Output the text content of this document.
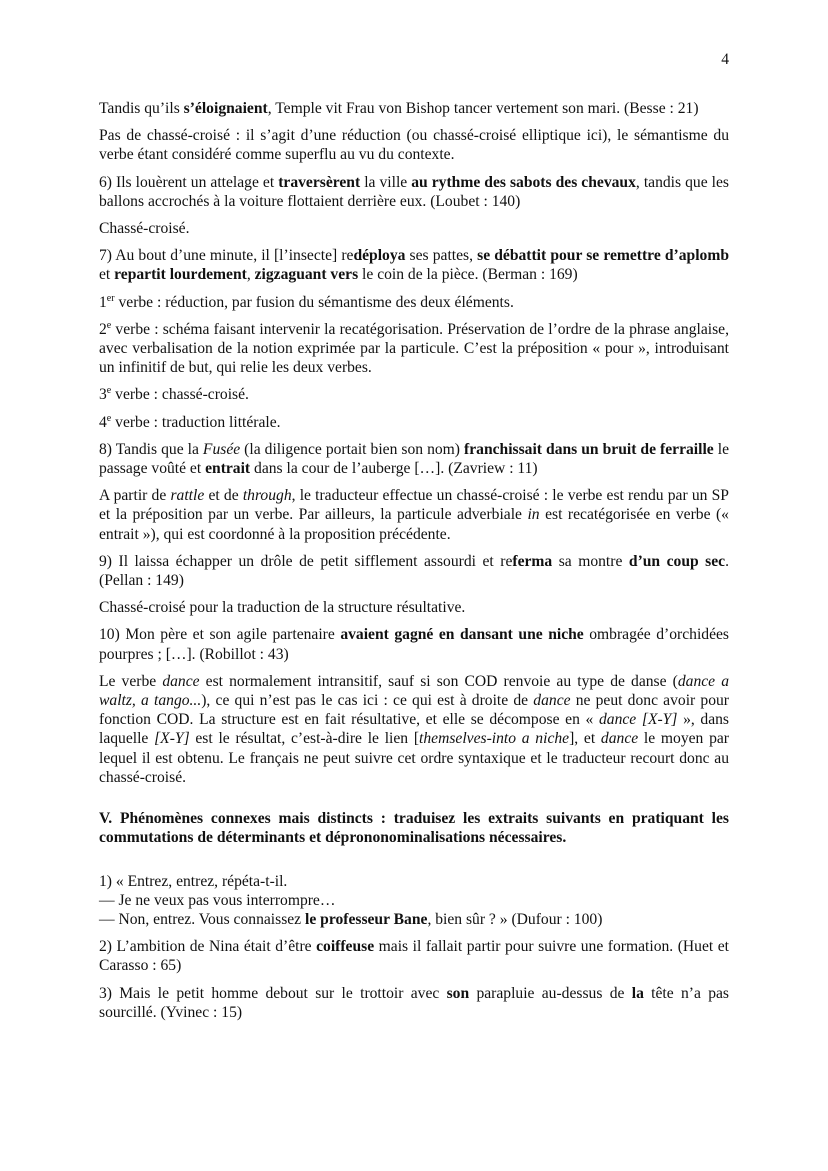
4

Tandis qu’ils s’éloignaient, Temple vit Frau von Bishop tancer vertement son mari. (Besse : 21)

Pas de chassé-croisé : il s’agit d’une réduction (ou chassé-croisé elliptique ici), le sémantisme du verbe étant considéré comme superflu au vu du contexte.

6) Ils louèrent un attelage et traversèrent la ville au rythme des sabots des chevaux, tandis que les ballons accrochés à la voiture flottaient derrière eux. (Loubet : 140)

Chassé-croisé.

7) Au bout d’une minute, il [l’insecte] redéploya ses pattes, se débattit pour se remettre d’aplomb et repartit lourdement, zigzaguant vers le coin de la pièce. (Berman : 169)

1er verbe : réduction, par fusion du sémantisme des deux éléments.

2e verbe : schéma faisant intervenir la recatégorisation. Préservation de l’ordre de la phrase anglaise, avec verbalisation de la notion exprimée par la particule. C’est la préposition « pour », introduisant un infinitif de but, qui relie les deux verbes.

3e verbe : chassé-croisé.

4e verbe : traduction littérale.

8) Tandis que la Fusée (la diligence portait bien son nom) franchissait dans un bruit de ferraille le passage voûté et entrait dans la cour de l’auberge […]. (Zavriew : 11)

A partir de rattle et de through, le traducteur effectue un chassé-croisé : le verbe est rendu par un SP et la préposition par un verbe. Par ailleurs, la particule adverbiale in est recatégorisée en verbe (« entrait »), qui est coordonné à la proposition précédente.

9) Il laissa échapper un drôle de petit sifflement assourdi et referma sa montre d’un coup sec. (Pellan : 149)

Chassé-croisé pour la traduction de la structure résultative.

10) Mon père et son agile partenaire avaient gagné en dansant une niche ombragée d’orchidées pourpres ; […]. (Robillot : 43)

Le verbe dance est normalement intransitif, sauf si son COD renvoie au type de danse (dance a waltz, a tango...), ce qui n’est pas le cas ici : ce qui est à droite de dance ne peut donc avoir pour fonction COD. La structure est en fait résultative, et elle se décompose en « dance [X-Y] », dans laquelle [X-Y] est le résultat, c’est-à-dire le lien [themselves-into a niche], et dance le moyen par lequel il est obtenu. Le français ne peut suivre cet ordre syntaxique et le traducteur recourt donc au chassé-croisé.

V. Phénomènes connexes mais distincts : traduisez les extraits suivants en pratiquant les commutations de déterminants et déprononominalisations nécessaires.

1) « Entrez, entrez, répéta-t-il.
— Je ne veux pas vous interrompre…
— Non, entrez. Vous connaissez le professeur Bane, bien sûr ? » (Dufour : 100)

2) L’ambition de Nina était d’être coiffeuse mais il fallait partir pour suivre une formation. (Huet et Carasso : 65)

3) Mais le petit homme debout sur le trottoir avec son parapluie au-dessus de la tête n’a pas sourcillé. (Yvinec : 15)
